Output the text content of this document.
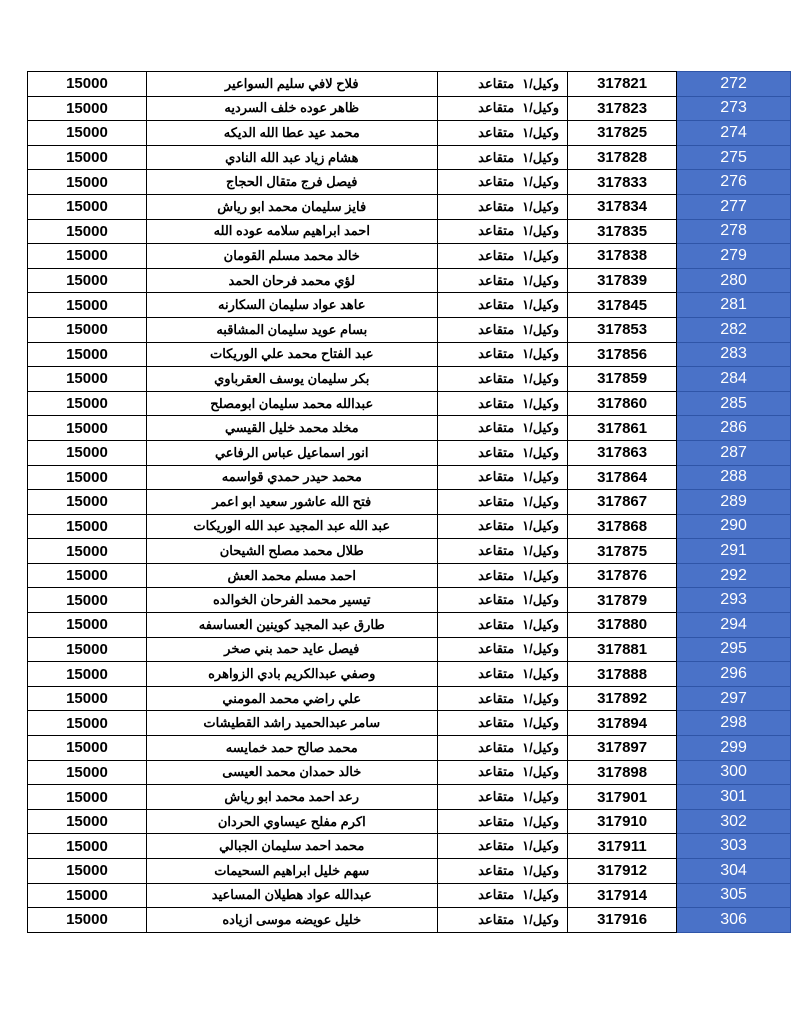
15000	فلاح لافي سليم السواعير	وكيل/١متقاعد	317821	272
15000	ظاهر عوده خلف السرديه	وكيل/١متقاعد	317823	273
15000	محمد عيد عطا الله الديكه	وكيل/١متقاعد	317825	274
15000	هشام زياد عبد الله النادي	وكيل/١متقاعد	317828	275
15000	فيصل فرج متقال الحجاج	وكيل/١متقاعد	317833	276
15000	فايز سليمان محمد ابو رياش	وكيل/١متقاعد	317834	277
15000	احمد ابراهيم سلامه عوده الله	وكيل/١متقاعد	317835	278
15000	خالد محمد مسلم القومان	وكيل/١متقاعد	317838	279
15000	لؤي محمد فرحان الحمد	وكيل/١متقاعد	317839	280
15000	عاهد عواد سليمان السكارنه	وكيل/١متقاعد	317845	281
15000	بسام عويد سليمان المشاقبه	وكيل/١متقاعد	317853	282
15000	عبد الفتاح محمد علي الوريكات	وكيل/١متقاعد	317856	283
15000	بكر سليمان يوسف العقرباوي	وكيل/١متقاعد	317859	284
15000	عبدالله محمد سليمان ابومصلح	وكيل/١متقاعد	317860	285
15000	مخلد محمد خليل القيسي	وكيل/١متقاعد	317861	286
15000	انور اسماعيل عباس الرفاعي	وكيل/١متقاعد	317863	287
15000	محمد حيدر حمدي قواسمه	وكيل/١متقاعد	317864	288
15000	فتح الله عاشور سعيد ابو اعمر	وكيل/١متقاعد	317867	289
15000	عبد الله عبد المجيد عبد الله الوريكات	وكيل/١متقاعد	317868	290
15000	طلال محمد مصلح الشيحان	وكيل/١متقاعد	317875	291
15000	احمد مسلم محمد العش	وكيل/١متقاعد	317876	292
15000	تيسير محمد الفرحان الخوالده	وكيل/١متقاعد	317879	293
15000	طارق عبد المجيد كوينين العساسفه	وكيل/١متقاعد	317880	294
15000	فيصل عايد حمد بني صخر	وكيل/١متقاعد	317881	295
15000	وصفي عبدالكريم بادي الزواهره	وكيل/١متقاعد	317888	296
15000	علي راضي محمد المومني	وكيل/١متقاعد	317892	297
15000	سامر عبدالحميد راشد القطيشات	وكيل/١متقاعد	317894	298
15000	محمد صالح حمد خمايسه	وكيل/١متقاعد	317897	299
15000	خالد حمدان محمد العيسى	وكيل/١متقاعد	317898	300
15000	رعد احمد محمد ابو رياش	وكيل/١متقاعد	317901	301
15000	اكرم مفلح عيساوي الحردان	وكيل/١متقاعد	317910	302
15000	محمد احمد سليمان الجبالي	وكيل/١متقاعد	317911	303
15000	سهم خليل ابراهيم السحيمات	وكيل/١متقاعد	317912	304
15000	عبدالله عواد هطيلان المساعيد	وكيل/١متقاعد	317914	305
15000	خليل عويضه موسى ازياده	وكيل/١متقاعد	317916	306
